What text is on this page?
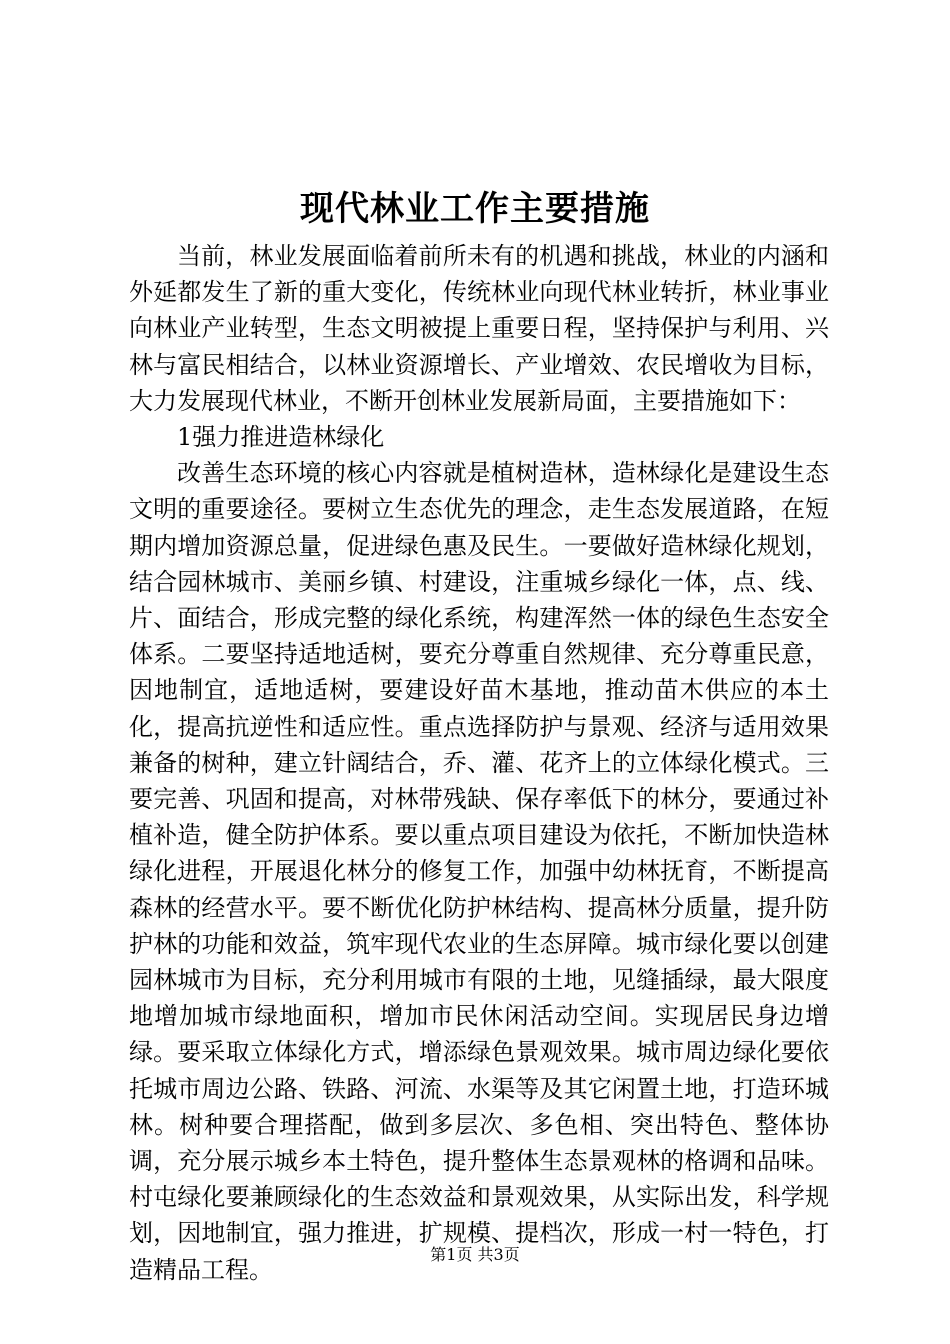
现代林业工作主要措施

当前，林业发展面临着前所未有的机遇和挑战，林业的内涵和外延都发生了新的重大变化，传统林业向现代林业转折，林业事业向林业产业转型，生态文明被提上重要日程，坚持保护与利用、兴林与富民相结合，以林业资源增长、产业增效、农民增收为目标，大力发展现代林业，不断开创林业发展新局面，主要措施如下：

1强力推进造林绿化

改善生态环境的核心内容就是植树造林，造林绿化是建设生态文明的重要途径。要树立生态优先的理念，走生态发展道路，在短期内增加资源总量，促进绿色惠及民生。一要做好造林绿化规划，结合园林城市、美丽乡镇、村建设，注重城乡绿化一体，点、线、片、面结合，形成完整的绿化系统，构建浑然一体的绿色生态安全体系。二要坚持适地适树，要充分尊重自然规律、充分尊重民意，因地制宜，适地适树，要建设好苗木基地，推动苗木供应的本土化，提高抗逆性和适应性。重点选择防护与景观、经济与适用效果兼备的树种，建立针阔结合，乔、灌、花齐上的立体绿化模式。三要完善、巩固和提高，对林带残缺、保存率低下的林分，要通过补植补造，健全防护体系。要以重点项目建设为依托，不断加快造林绿化进程，开展退化林分的修复工作，加强中幼林抚育，不断提高森林的经营水平。要不断优化防护林结构、提高林分质量，提升防护林的功能和效益，筑牢现代农业的生态屏障。城市绿化要以创建园林城市为目标，充分利用城市有限的土地，见缝插绿，最大限度地增加城市绿地面积，增加市民休闲活动空间。实现居民身边增绿。要采取立体绿化方式，增添绿色景观效果。城市周边绿化要依托城市周边公路、铁路、河流、水渠等及其它闲置土地，打造环城林。树种要合理搭配，做到多层次、多色相、突出特色、整体协调，充分展示城乡本土特色，提升整体生态景观林的格调和品味。村屯绿化要兼顾绿化的生态效益和景观效果，从实际出发，科学规划，因地制宜，强力推进，扩规模、提档次，形成一村一特色，打造精品工程。

第1页 共3页
